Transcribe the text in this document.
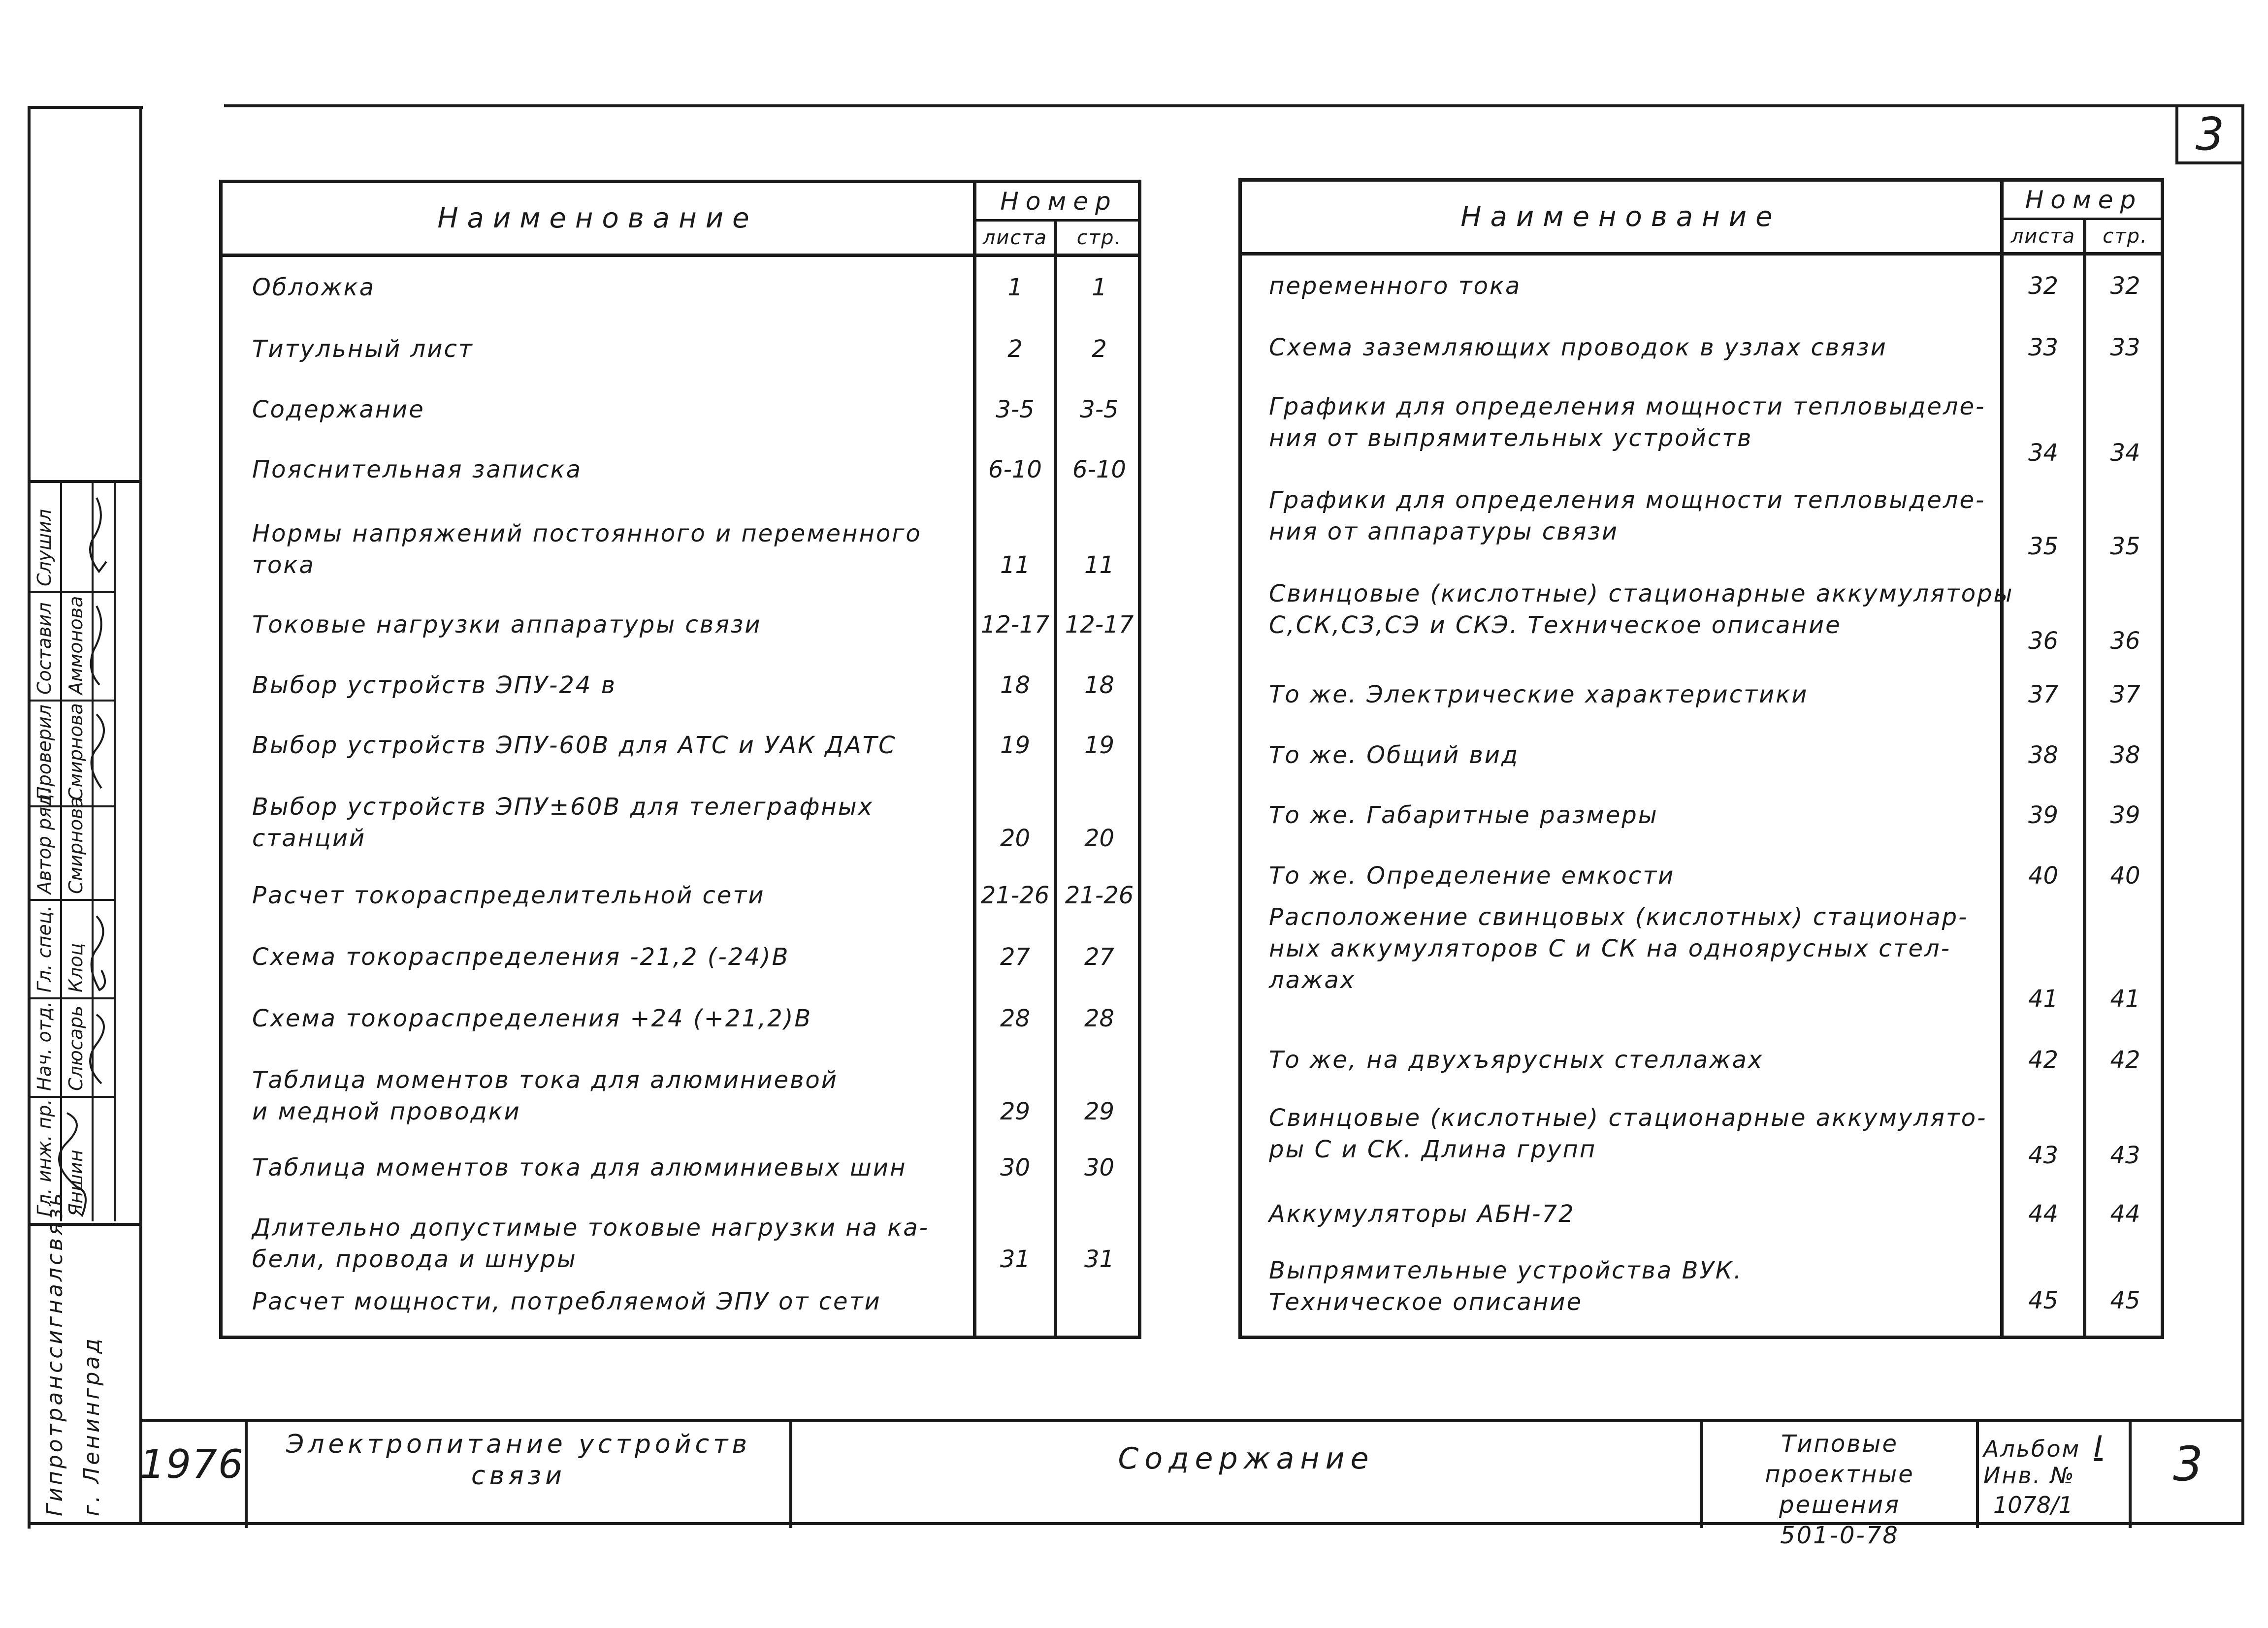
3
Наименование
Номер
листа	стр.
Обложка	1	1
Титульный лист	2	2
Содержание	3-5	3-5
Пояснительная записка	6-10	6-10
Нормы напряжений постоянного и переменного
тока	11	11
Токовые нагрузки аппаратуры связи	12-17 12-17
Выбор устройств ЭПУ-24 в	18	18
Выбор устройств ЭПУ-60В для АТС и УАК ДАТС	19	19
Выбор устройств ЭПУ±60В для телеграфных
станций	20	20
Расчет токораспределительной сети	21-26 21-26
Схема токораспределения -21,2 (-24)В	27	27
Схема токораспределения +24 (+21,2)В	28	28
Таблица моментов тока для алюминиевой
и медной проводки	29	29
Таблица моментов тока для алюминиевых шин	30	30
Длительно допустимые токовые нагрузки на ка-
бели, провода и шнуры	31	31
Расчет мощности, потребляемой ЭПУ от сети
Наименование
Номер
листа	стр.
переменного тока	32	32
Схема заземляющих проводок в узлах связи	33	33
Графики для определения мощности тепловыделе-
ния от выпрямительных устройств
34	34
Графики для определения мощности тепловыделе-
ния от аппаратуры связи
35	35
Свинцовые (кислотные) стационарные аккумуляторы
С,СК,СЗ,СЭ и СКЭ. Техническое описание
36	36
То же. Электрические характеристики	37	37
То же. Общий вид	38	38
То же. Габаритные размеры	39	39
То же. Определение емкости	40	40
Расположение свинцовых (кислотных) стационар-
ных аккумуляторов С и СК на одноярусных стел-
лажах
41	41
То же, на двухъярусных стеллажах	42	42
Свинцовые (кислотные) стационарные аккумулято-
ры С и СК. Длина групп	43	43
Аккумуляторы АБН-72	44	44
Выпрямительные устройства ВУК.
Техническое описание	45	45
1976	Электропитание устройств
связи	Содержание	Типовые проектные
решения
501-0-78
Альбом I
Инв. №
1078/1
3
Слушил
Составил
Проверил
Автор ряд.
Гл. спец.
Нач. отд.
Гл. инж. пр.
Аммонова
Смирнова
Смирнова
Клоц
Слюсарь
Яншин
Гипротранссигналсвязь г. Ленинград
